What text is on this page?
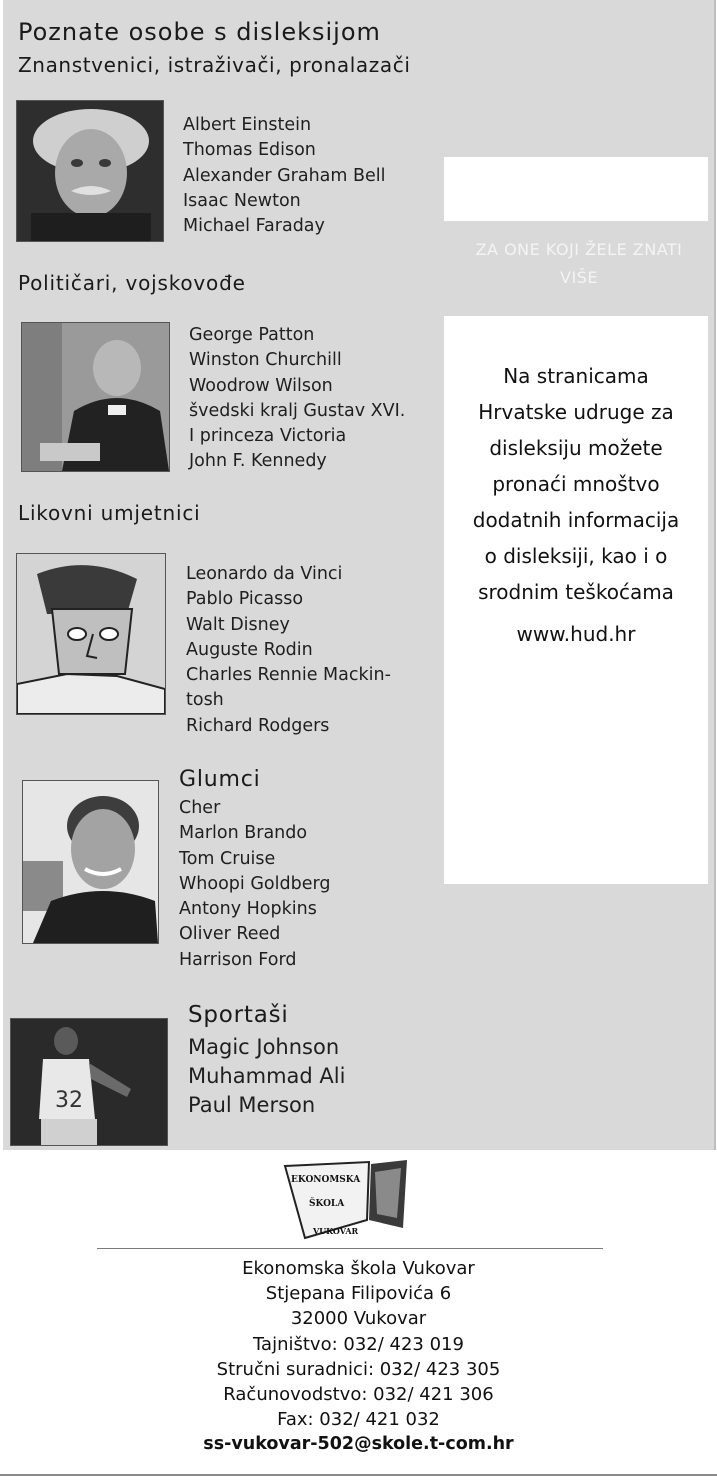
Poznate osobe s disleksijom
Znanstvenici, istraživači, pronalazači
Albert Einstein
Thomas Edison
Alexander Graham Bell
Isaac Newton
Michael Faraday
Političari, vojskovođe
George Patton
Winston Churchill
Woodrow Wilson
švedski kralj Gustav XVI.
I princeza Victoria
John F. Kennedy
Likovni umjetnici
Leonardo da Vinci
Pablo Picasso
Walt Disney
Auguste Rodin
Charles Rennie Mackin-
tosh
Richard Rodgers
Glumci
Cher
Marlon Brando
Tom Cruise
Whoopi Goldberg
Antony Hopkins
Oliver Reed
Harrison Ford
32
Sportaši
Magic Johnson
Muhammad Ali
Paul Merson
ZA ONE KOJI ŽELE ZNATI
VIŠE
Na stranicama
Hrvatske udruge za
disleksiju možete
pronaći mnoštvo
dodatnih informacija
o disleksiji, kao i o
srodnim teškoćama
www.hud.hr
EKONOMSKA
ŠKOLA
VUKOVAR
Ekonomska škola Vukovar
Stjepana Filipovića 6
32000 Vukovar
Tajništvo: 032/ 423 019
Stručni suradnici: 032/ 423 305
Računovodstvo: 032/ 421 306
Fax: 032/ 421 032
ss-vukovar-502@skole.t-com.hr
